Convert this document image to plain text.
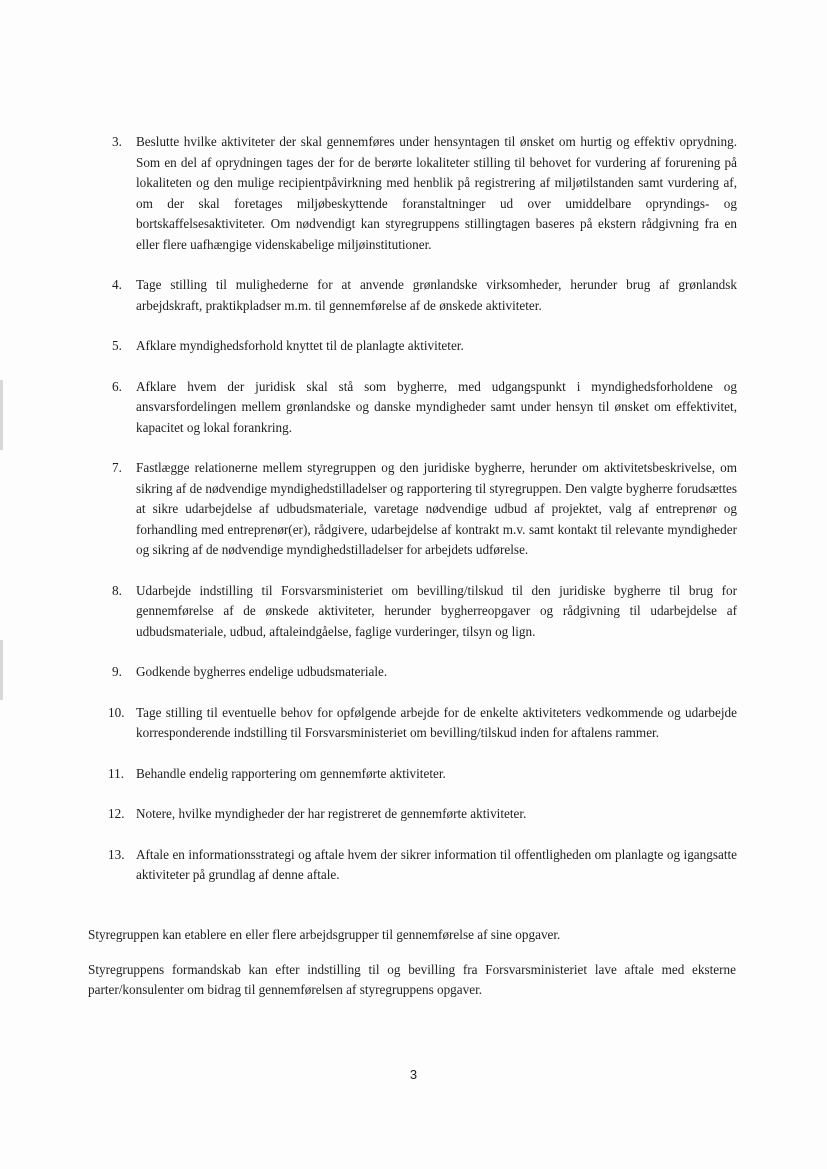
3.	Beslutte hvilke aktiviteter der skal gennemføres under hensyntagen til ønsket om hurtig og effektiv oprydning. Som en del af oprydningen tages der for de berørte lokaliteter stilling til behovet for vurdering af forurening på lokaliteten og den mulige recipientpåvirkning med henblik på registrering af miljøtilstanden samt vurdering af, om der skal foretages miljøbeskyttende foranstaltninger ud over umiddelbare opryndings- og bortskaffelsesaktiviteter. Om nødvendigt kan styregruppens stillingtagen baseres på ekstern rådgivning fra en eller flere uafhængige videnskabelige miljøinstitutioner.
4.	Tage stilling til mulighederne for at anvende grønlandske virksomheder, herunder brug af grønlandsk arbejdskraft, praktikpladser m.m. til gennemførelse af de ønskede aktiviteter.
5.	Afklare myndighedsforhold knyttet til de planlagte aktiviteter.
6.	Afklare hvem der juridisk skal stå som bygherre, med udgangspunkt i myndighedsforholdene og ansvarsfordelingen mellem grønlandske og danske myndigheder samt under hensyn til ønsket om effektivitet, kapacitet og lokal forankring.
7.	Fastlægge relationerne mellem styregruppen og den juridiske bygherre, herunder om aktivitetsbeskrivelse, om sikring af de nødvendige myndighedstilladelser og rapportering til styregruppen. Den valgte bygherre forudsættes at sikre udarbejdelse af udbudsmateriale, varetage nødvendige udbud af projektet, valg af entreprenør og forhandling med entreprenør(er), rådgivere, udarbejdelse af kontrakt m.v. samt kontakt til relevante myndigheder og sikring af de nødvendige myndighedstilladelser for arbejdets udførelse.
8.	Udarbejde indstilling til Forsvarsministeriet om bevilling/tilskud til den juridiske bygherre til brug for gennemførelse af de ønskede aktiviteter, herunder bygherreopgaver og rådgivning til udarbejdelse af udbudsmateriale, udbud, aftaleindgåelse, faglige vurderinger, tilsyn og lign.
9.	Godkende bygherres endelige udbudsmateriale.
10. Tage stilling til eventuelle behov for opfølgende arbejde for de enkelte aktiviteters vedkommende og udarbejde korresponderende indstilling til Forsvarsministeriet om bevilling/tilskud inden for aftalens rammer.
11. Behandle endelig rapportering om gennemførte aktiviteter.
12. Notere, hvilke myndigheder der har registreret de gennemførte aktiviteter.
13. Aftale en informationsstrategi og aftale hvem der sikrer information til offentligheden om planlagte og igangsatte aktiviteter på grundlag af denne aftale.

Styregruppen kan etablere en eller flere arbejdsgrupper til gennemførelse af sine opgaver.

Styregruppens formandskab kan efter indstilling til og bevilling fra Forsvarsministeriet lave aftale med eksterne parter/konsulenter om bidrag til gennemførelsen af styregruppens opgaver.

3
